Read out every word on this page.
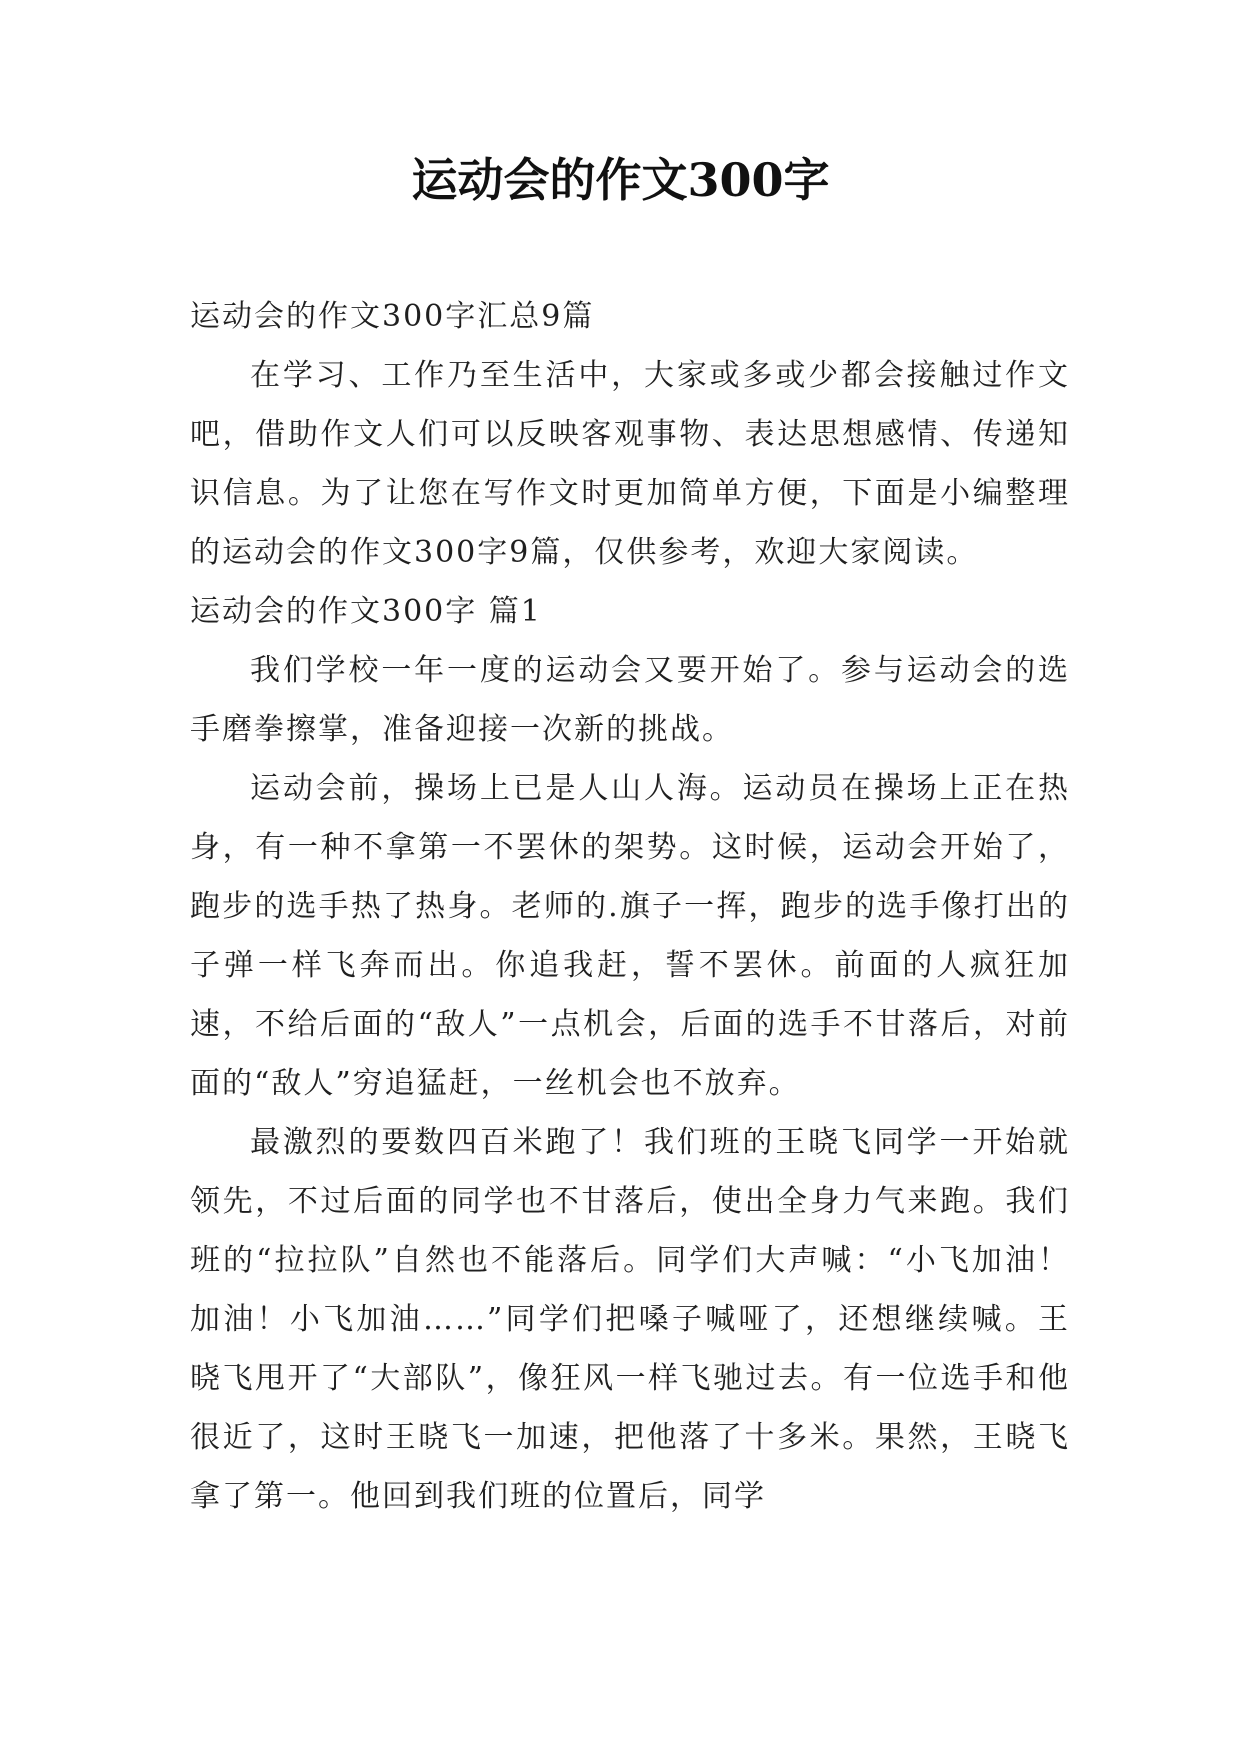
运动会的作文300字

运动会的作文300字汇总9篇

在学习、工作乃至生活中，大家或多或少都会接触过作文吧，借助作文人们可以反映客观事物、表达思想感情、传递知识信息。为了让您在写作文时更加简单方便，下面是小编整理的运动会的作文300字9篇，仅供参考，欢迎大家阅读。

运动会的作文300字 篇1

我们学校一年一度的运动会又要开始了。参与运动会的选手磨拳擦掌，准备迎接一次新的挑战。

运动会前，操场上已是人山人海。运动员在操场上正在热身，有一种不拿第一不罢休的架势。这时候，运动会开始了，跑步的选手热了热身。老师的.旗子一挥，跑步的选手像打出的子弹一样飞奔而出。你追我赶，誓不罢休。前面的人疯狂加速，不给后面的“敌人”一点机会，后面的选手不甘落后，对前面的“敌人”穷追猛赶，一丝机会也不放弃。

最激烈的要数四百米跑了！我们班的王晓飞同学一开始就领先，不过后面的同学也不甘落后，使出全身力气来跑。我们班的“拉拉队”自然也不能落后。同学们大声喊：“小飞加油！加油！小飞加油……”同学们把嗓子喊哑了，还想继续喊。王晓飞甩开了“大部队”，像狂风一样飞驰过去。有一位选手和他很近了，这时王晓飞一加速，把他落了十多米。果然，王晓飞拿了第一。他回到我们班的位置后，同学
